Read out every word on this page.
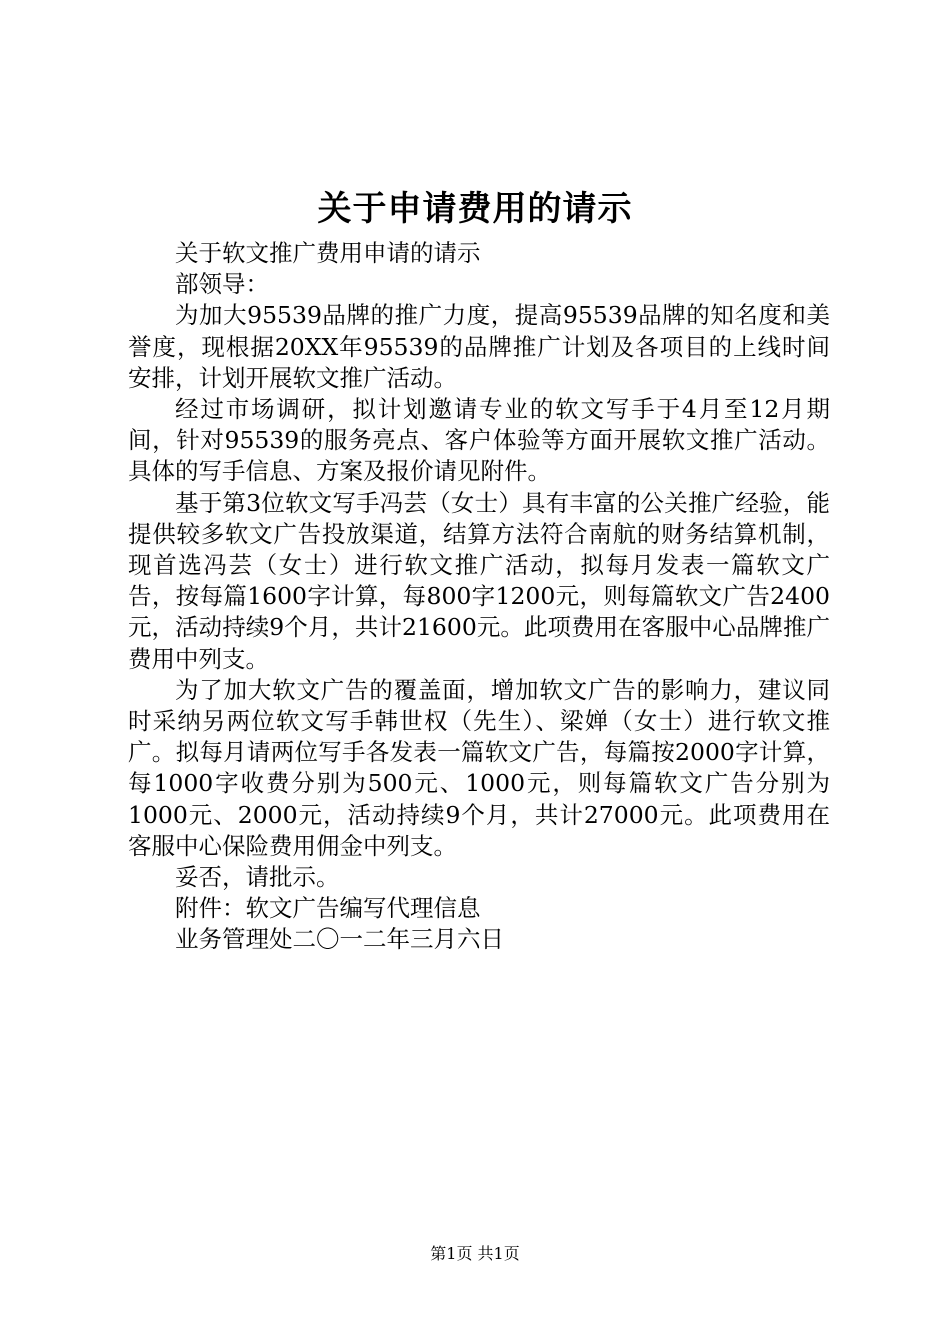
关于申请费用的请示

关于软文推广费用申请的请示

部领导：

为加大95539品牌的推广力度，提高95539品牌的知名度和美誉度，现根据20XX年95539的品牌推广计划及各项目的上线时间安排，计划开展软文推广活动。

经过市场调研，拟计划邀请专业的软文写手于4月至12月期间，针对95539的服务亮点、客户体验等方面开展软文推广活动。具体的写手信息、方案及报价请见附件。

基于第3位软文写手冯芸（女士）具有丰富的公关推广经验，能提供较多软文广告投放渠道，结算方法符合南航的财务结算机制，现首选冯芸（女士）进行软文推广活动，拟每月发表一篇软文广告，按每篇1600字计算，每800字1200元，则每篇软文广告2400元，活动持续9个月，共计21600元。此项费用在客服中心品牌推广费用中列支。

为了加大软文广告的覆盖面，增加软文广告的影响力，建议同时采纳另两位软文写手韩世权（先生）、梁婵（女士）进行软文推广。拟每月请两位写手各发表一篇软文广告，每篇按2000字计算，每1000字收费分别为500元、1000元，则每篇软文广告分别为1000元、2000元，活动持续9个月，共计27000元。此项费用在客服中心保险费用佣金中列支。

妥否，请批示。

附件：软文广告编写代理信息

业务管理处二〇一二年三月六日

第1页 共1页
